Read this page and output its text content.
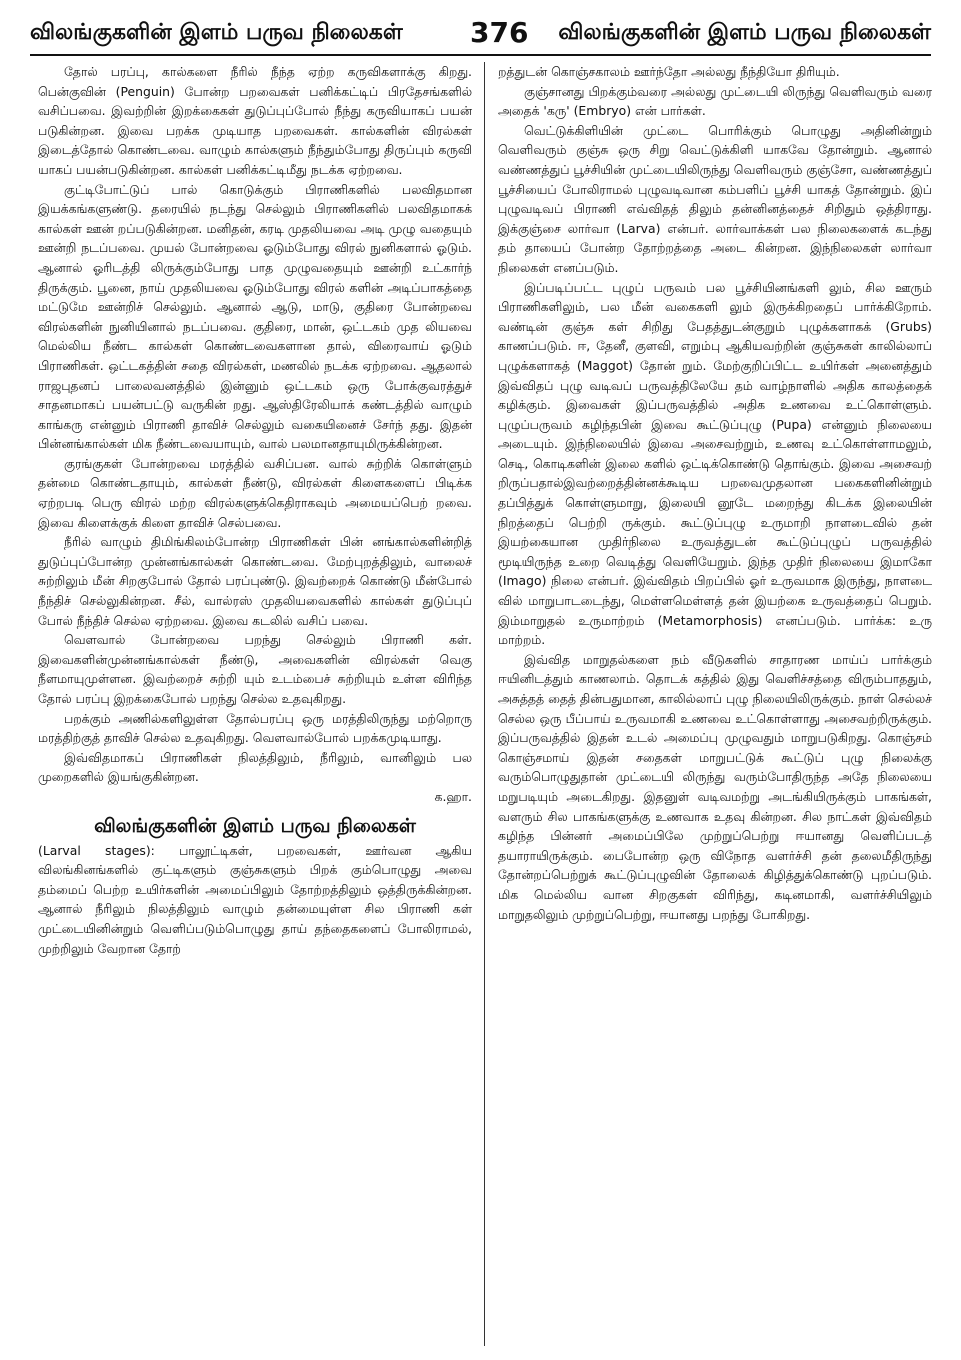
விலங்குகளின் இளம் பருவ நிலைகள் 376 விலங்குகளின் இளம் பருவ நிலைகள்

தோல் பரப்பு, கால்களை நீரில் நீந்த ஏற்ற கருவிகளாக்கு கிறது. பென்குவின் (Penguin) போன்ற பறவைகள் பனிக்கட்டிப் பிரதேசங்களில் வசிப்பவை. இவற்றின் இறக்கைகள் துடுப்புப்போல் நீந்து கருவியாகப் பயன் படுகின்றன. இவை பறக்க முடியாத பறவைகள். கால்களின் விரல்கள் இடைத்தோல் கொண்டவை. வாழும் கால்களும் நீந்தும்போது திருப்பும் கருவி யாகப் பயன்படுகின்றன. கால்கள் பனிக்கட்டிமீது நடக்க ஏற்றவை.

குட்டிபோட்டுப் பால் கொடுக்கும் பிராணிகளில் பலவிதமான இயக்கங்களுண்டு. தரையில் நடந்து செல்லும் பிராணிகளில் பலவிதமாகக் கால்கள் ஊன் றப்படுகின்றன. மனிதன், கரடி முதலியவை அடி முழு வதையும் ஊன்றி நடப்பவை. முயல் போன்றவை ஓடும்போது விரல் நுனிகளால் ஓடும். ஆனால் ஓரிடத்தி லிருக்கும்போது பாத முழுவதையும் ஊன்றி உட்கார்ந் திருக்கும். பூனை, நாய் முதலியவை ஓடும்போது விரல் களின் அடிப்பாகத்தை மட்டுமே ஊன்றிச் செல்லும். ஆனால் ஆடு, மாடு, குதிரை போன்றவை விரல்களின் நுனியினால் நடப்பவை. குதிரை, மான், ஒட்டகம் முத லியவை மெல்லிய நீண்ட கால்கள் கொண்டவைகளான தால், விரைவாய் ஓடும் பிராணிகள். ஒட்டகத்தின் சதை விரல்கள், மணலில் நடக்க ஏற்றவை. ஆதலால் ராஜபுதனப் பாலைவனத்தில் இன்னும் ஒட்டகம் ஒரு போக்குவரத்துச் சாதனமாகப் பயன்பட்டு வருகின் றது. ஆஸ்திரேலியாக் கண்டத்தில் வாழும் காங்கரு என்னும் பிராணி தாவிச் செல்லும் வகையினைச் சேர்ந் தது. இதன் பின்னங்கால்கள் மிக நீண்டவையாயும், வால் பலமானதாயுமிருக்கின்றன.

குரங்குகள் போன்றவை மரத்தில் வசிப்பன. வால் சுற்றிக் கொள்ளும் தன்மை கொண்டதாயும், கால்கள் நீண்டு, விரல்கள் கிளைகளைப் பிடிக்க ஏற்றபடி பெரு விரல் மற்ற விரல்களுக்கெதிராகவும் அமையப்பெற் றவை. இவை கிளைக்குக் கிளை தாவிச் செல்பவை.

நீரில் வாழும் திமிங்கிலம்போன்ற பிராணிகள் பின் னங்கால்களின்றித் துடுப்புப்போன்ற முன்னங்கால்கள் கொண்டவை. மேற்புறத்திலும், வாலைச் சுற்றிலும் மீன் சிறகுபோல் தோல் பரப்புண்டு. இவற்றைக் கொண்டு மீன்போல் நீந்திச் செல்லுகின்றன. சீல், வால்ரஸ் முதலியவைகளில் கால்கள் துடுப்புப் போல் நீந்திச் செல்ல ஏற்றவை. இவை கடலில் வசிப் பவை.

வௌவால் போன்றவை பறந்து செல்லும் பிராணி கள். இவைகளின்முன்னங்கால்கள் நீண்டு, அவைகளின் விரல்கள் வெகு நீளமாயுமுள்ளன. இவற்றைச் சுற்றி யும் உடம்பைச் சுற்றியும் உள்ள விரிந்த தோல் பரப்பு இறக்கைபோல் பறந்து செல்ல உதவுகிறது.

பறக்கும் அணில்களிலுள்ள தோல்பரப்பு ஒரு மரத்திலிருந்து மற்றொரு மரத்திற்குத் தாவிச் செல்ல உதவுகிறது. வௌவால்போல் பறக்கமுடியாது.

இவ்விதமாகப் பிராணிகள் நிலத்திலும், நீரிலும், வானிலும் பல முறைகளில் இயங்குகின்றன.

க.ஹா.
விலங்குகளின் இளம் பருவ நிலைகள்

(Larval stages): பாலூட்டிகள், பறவைகள், ஊர்வன ஆகிய விலங்கினங்களில் குட்டிகளும் குஞ்சுகளும் பிறக் கும்பொழுது அவை தம்மைப் பெற்ற உயிர்களின் அமைப்பிலும் தோற்றத்திலும் ஒத்திருக்கின்றன. ஆனால் நீரிலும் நிலத்திலும் வாழும் தன்மையுள்ள சில பிராணி கள் முட்டையினின்றும் வெளிப்படும்பொழுது தாய் தந்தைகளைப் போலிராமல், முற்றிலும் வேறான தோற்

றத்துடன் கொஞ்சகாலம் ஊர்ந்தோ அல்லது நீந்தியோ திரியும்.

குஞ்சானது பிறக்கும்வரை அல்லது முட்டையி லிருந்து வெளிவரும் வரை அதைக் 'கரு' (Embryo) என் பார்கள்.

வெட்டுக்கிளியின் முட்டை பொரிக்கும் பொழுது அதினின்றும் வெளிவரும் குஞ்சு ஒரு சிறு வெட்டுக்கிளி யாகவே தோன்றும். ஆனால் வண்ணத்துப் பூச்சியின் முட்டையிலிருந்து வெளிவரும் குஞ்சோ, வண்ணத்துப் பூச்சியைப் போலிராமல் புழுவடிவான கம்பளிப் பூச்சி யாகத் தோன்றும். இப் புழுவடிவப் பிராணி எவ்விதத் திலும் தன்னினத்தைச் சிறிதும் ஒத்திராது. இக்குஞ்சை லார்வா (Larva) என்பர். லார்வாக்கள் பல நிலைகளைக் கடந்து தம் தாயைப் போன்ற தோற்றத்தை அடை கின்றன. இந்நிலைகள் லார்வா நிலைகள் எனப்படும்.

இப்படிப்பட்ட புழுப் பருவம் பல பூச்சியினங்களி லும், சில ஊரும் பிராணிகளிலும், பல மீன் வகைகளி லும் இருக்கிறதைப் பார்க்கிறோம். வண்டின் குஞ்சு கள் சிறிது பேதத்துடன்குறும் புழுக்களாகக் (Grubs) காணப்படும். ஈ, தேனீ, குளவி, எறும்பு ஆகியவற்றின் குஞ்சுகள் காலில்லாப் புழுக்களாகத் (Maggot) தோன் றும். மேற்குறிப்பிட்ட உயிர்கள் அனைத்தும் இவ்விதப் புழு வடிவப் பருவத்திலேயே தம் வாழ்நாளில் அதிக காலத்தைக் கழிக்கும். இவைகள் இப்பருவத்தில் அதிக உணவை உட்கொள்ளும். புழுப்பருவம் கழிந்தபின் இவை கூட்டுப்புழு (Pupa) என்னும் நிலையை அடையும். இந்நிலையில் இவை அசைவற்றும், உணவு உட்கொள்ளாமலும், செடி, கொடிகளின் இலை களில் ஒட்டிக்கொண்டு தொங்கும். இவை அசைவற் றிருப்பதால்இவற்றைத்தின்னக்கூடிய பறவைமுதலான பகைகளினின்றும் தப்பித்துக் கொள்ளுமாறு, இலையி னூடே மறைந்து கிடக்க இலையின் நிறத்தைப் பெற்றி ருக்கும். கூட்டுப்புழு உருமாறி நாளடைவில் தன் இயற்கையான முதிர்நிலை உருவத்துடன் கூட்டுப்புழுப் பருவத்தில் மூடியிருந்த உறை வெடித்து வெளியேறும். இந்த முதிர் நிலையை இமாகோ (Imago) நிலை என்பர். இவ்விதம் பிறப்பில் ஓர் உருவமாக இருந்து, நாளடை வில் மாறுபாடடைந்து, மெள்ளமெள்ளத் தன் இயற்கை உருவத்தைப் பெறும். இம்மாறுதல் உருமாற்றம் (Metamorphosis) எனப்படும். பார்க்க: உரு மாற்றம்.

இவ்வித மாறுதல்களை நம் வீடுகளில் சாதாரண மாய்ப் பார்க்கும் ஈயினிடத்தும் காணலாம். தொடக் கத்தில் இது வெளிச்சத்தை விரும்பாததும், அசுத்தத் தைத் தின்பதுமான, காலில்லாப் புழு நிலையிலிருக்கும். நாள் செல்லச் செல்ல ஒரு பீப்பாய் உருவமாகி உணவை உட்கொள்ளாது அசைவற்றிருக்கும். இப்பருவத்தில் இதன் உடல் அமைப்பு முழுவதும் மாறுபடுகிறது. கொஞ்சம் கொஞ்சமாய் இதன் சதைகள் மாறுபட்டுக் கூட்டுப் புழு நிலைக்கு வரும்பொழுதுதான் முட்டையி லிருந்து வரும்போதிருந்த அதே நிலையை மறுபடியும் அடைகிறது. இதனுள் வடிவமற்று அடங்கியிருக்கும் பாகங்கள், வளரும் சில பாகங்களுக்கு உணவாக உதவு கின்றன. சில நாட்கள் இவ்விதம் கழிந்த பின்னர் அமைப்பிலே முற்றுப்பெற்று ஈயானது வெளிப்படத் தயாராயிருக்கும். பைபோன்ற ஒரு விநோத வளர்ச்சி தன் தலைமீதிருந்து தோன்றப்பெற்றுக் கூட்டுப்புழுவின் தோலைக் கிழித்துக்கொண்டு புறப்படும். மிக மெல்லிய வான சிறகுகள் விரிந்து, கடினமாகி, வளர்ச்சியிலும் மாறுதலிலும் முற்றுப்பெற்று, ஈயானது பறந்து போகிறது.
